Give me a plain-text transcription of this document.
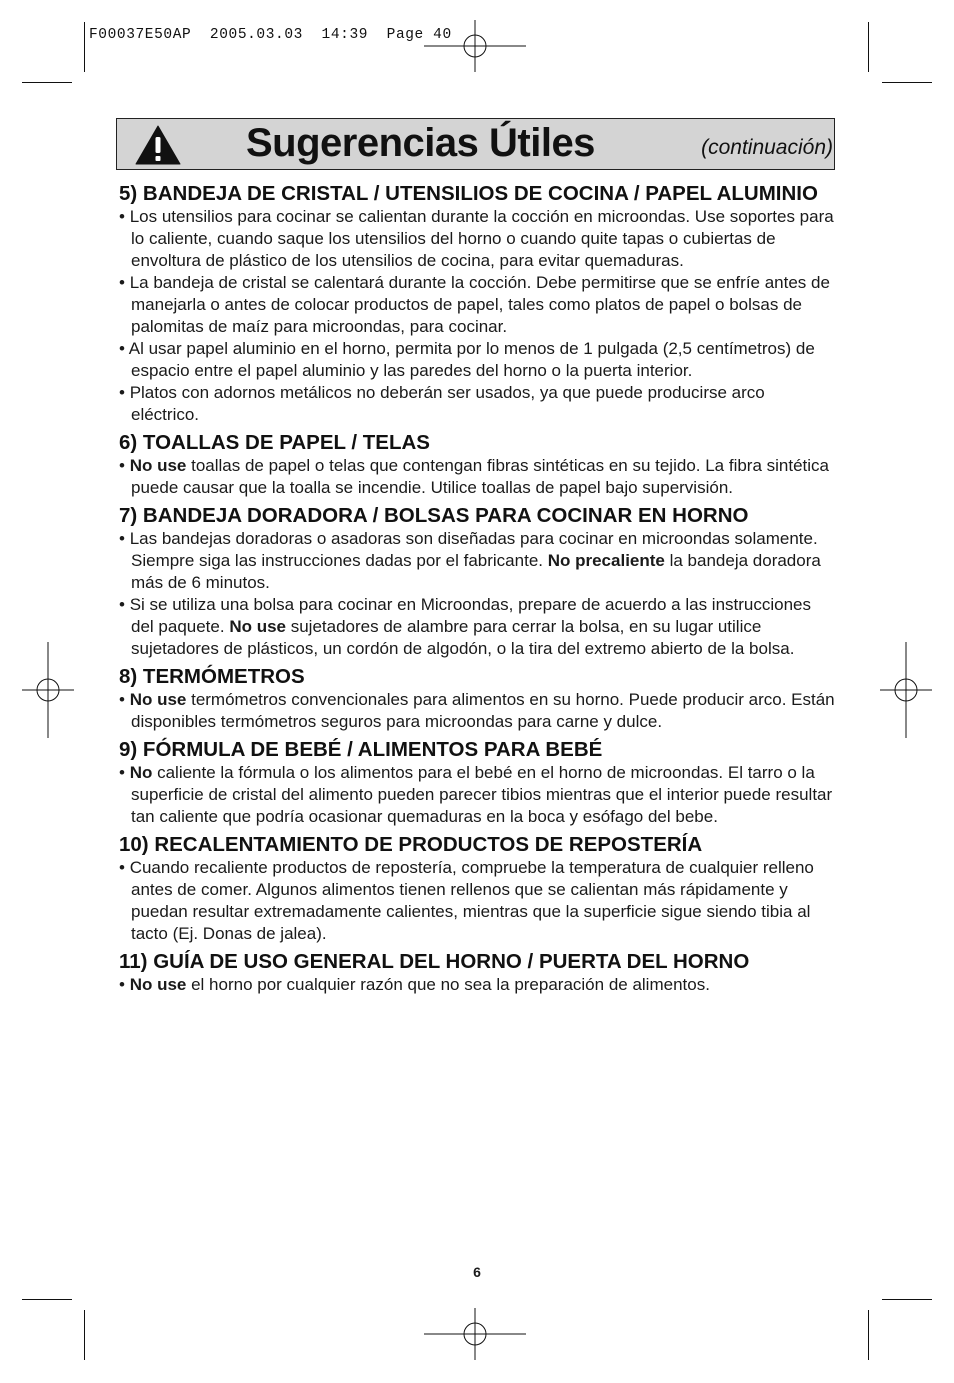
F00037E50AP  2005.03.03  14:39  Page 40
Sugerencias Útiles	(continuación)
5) BANDEJA DE CRISTAL / UTENSILIOS DE COCINA / PAPEL ALUMINIO
• Los utensilios para cocinar se calientan durante la cocción en microondas. Use soportes para lo caliente, cuando saque los utensilios del horno o cuando quite tapas o cubiertas de envoltura de plástico de los utensilios de cocina, para evitar quemaduras.
• La bandeja de cristal se calentará durante la cocción. Debe permitirse que se enfríe antes de manejarla o antes de colocar productos de papel, tales como platos de papel o bolsas de palomitas de maíz para microondas, para cocinar.
• Al usar papel aluminio en el horno, permita por lo menos de 1 pulgada (2,5 centímetros) de espacio entre el papel aluminio y las paredes del horno o la puerta interior.
• Platos con adornos metálicos no deberán ser usados, ya que puede producirse arco eléctrico.
6) TOALLAS DE PAPEL / TELAS
• No use toallas de papel o telas que contengan fibras sintéticas en su tejido. La fibra sintética puede causar que la toalla se incendie. Utilice toallas de papel bajo supervisión.
7) BANDEJA DORADORA / BOLSAS PARA COCINAR EN HORNO
• Las bandejas doradoras o asadoras son diseñadas para cocinar en microondas solamente. Siempre siga las instrucciones dadas por el fabricante. No precaliente la bandeja doradora más de 6 minutos.
• Si se utiliza una bolsa para cocinar en Microondas, prepare de acuerdo a las instrucciones del paquete. No use sujetadores de alambre para cerrar la bolsa, en su lugar utilice sujetadores de plásticos, un cordón de algodón, o la tira del extremo abierto de la bolsa.
8) TERMÓMETROS
• No use termómetros convencionales para alimentos en su horno. Puede producir arco. Están disponibles termómetros seguros para microondas para carne y dulce.
9) FÓRMULA DE BEBÉ / ALIMENTOS PARA BEBÉ
• No caliente la fórmula o los alimentos para el bebé en el horno de microondas. El tarro o la superficie de cristal del alimento pueden parecer tibios mientras que el interior puede resultar tan caliente que podría ocasionar quemaduras en la boca y esófago del bebe.
10) RECALENTAMIENTO DE PRODUCTOS DE REPOSTERÍA
• Cuando recaliente productos de repostería, compruebe la temperatura de cualquier relleno antes de comer. Algunos alimentos tienen rellenos que se calientan más rápidamente y puedan resultar extremadamente calientes, mientras que la superficie sigue siendo tibia al tacto (Ej. Donas de jalea).
11) GUÍA DE USO GENERAL DEL HORNO / PUERTA DEL HORNO
• No use el horno por cualquier razón que no sea la preparación de alimentos.
6
